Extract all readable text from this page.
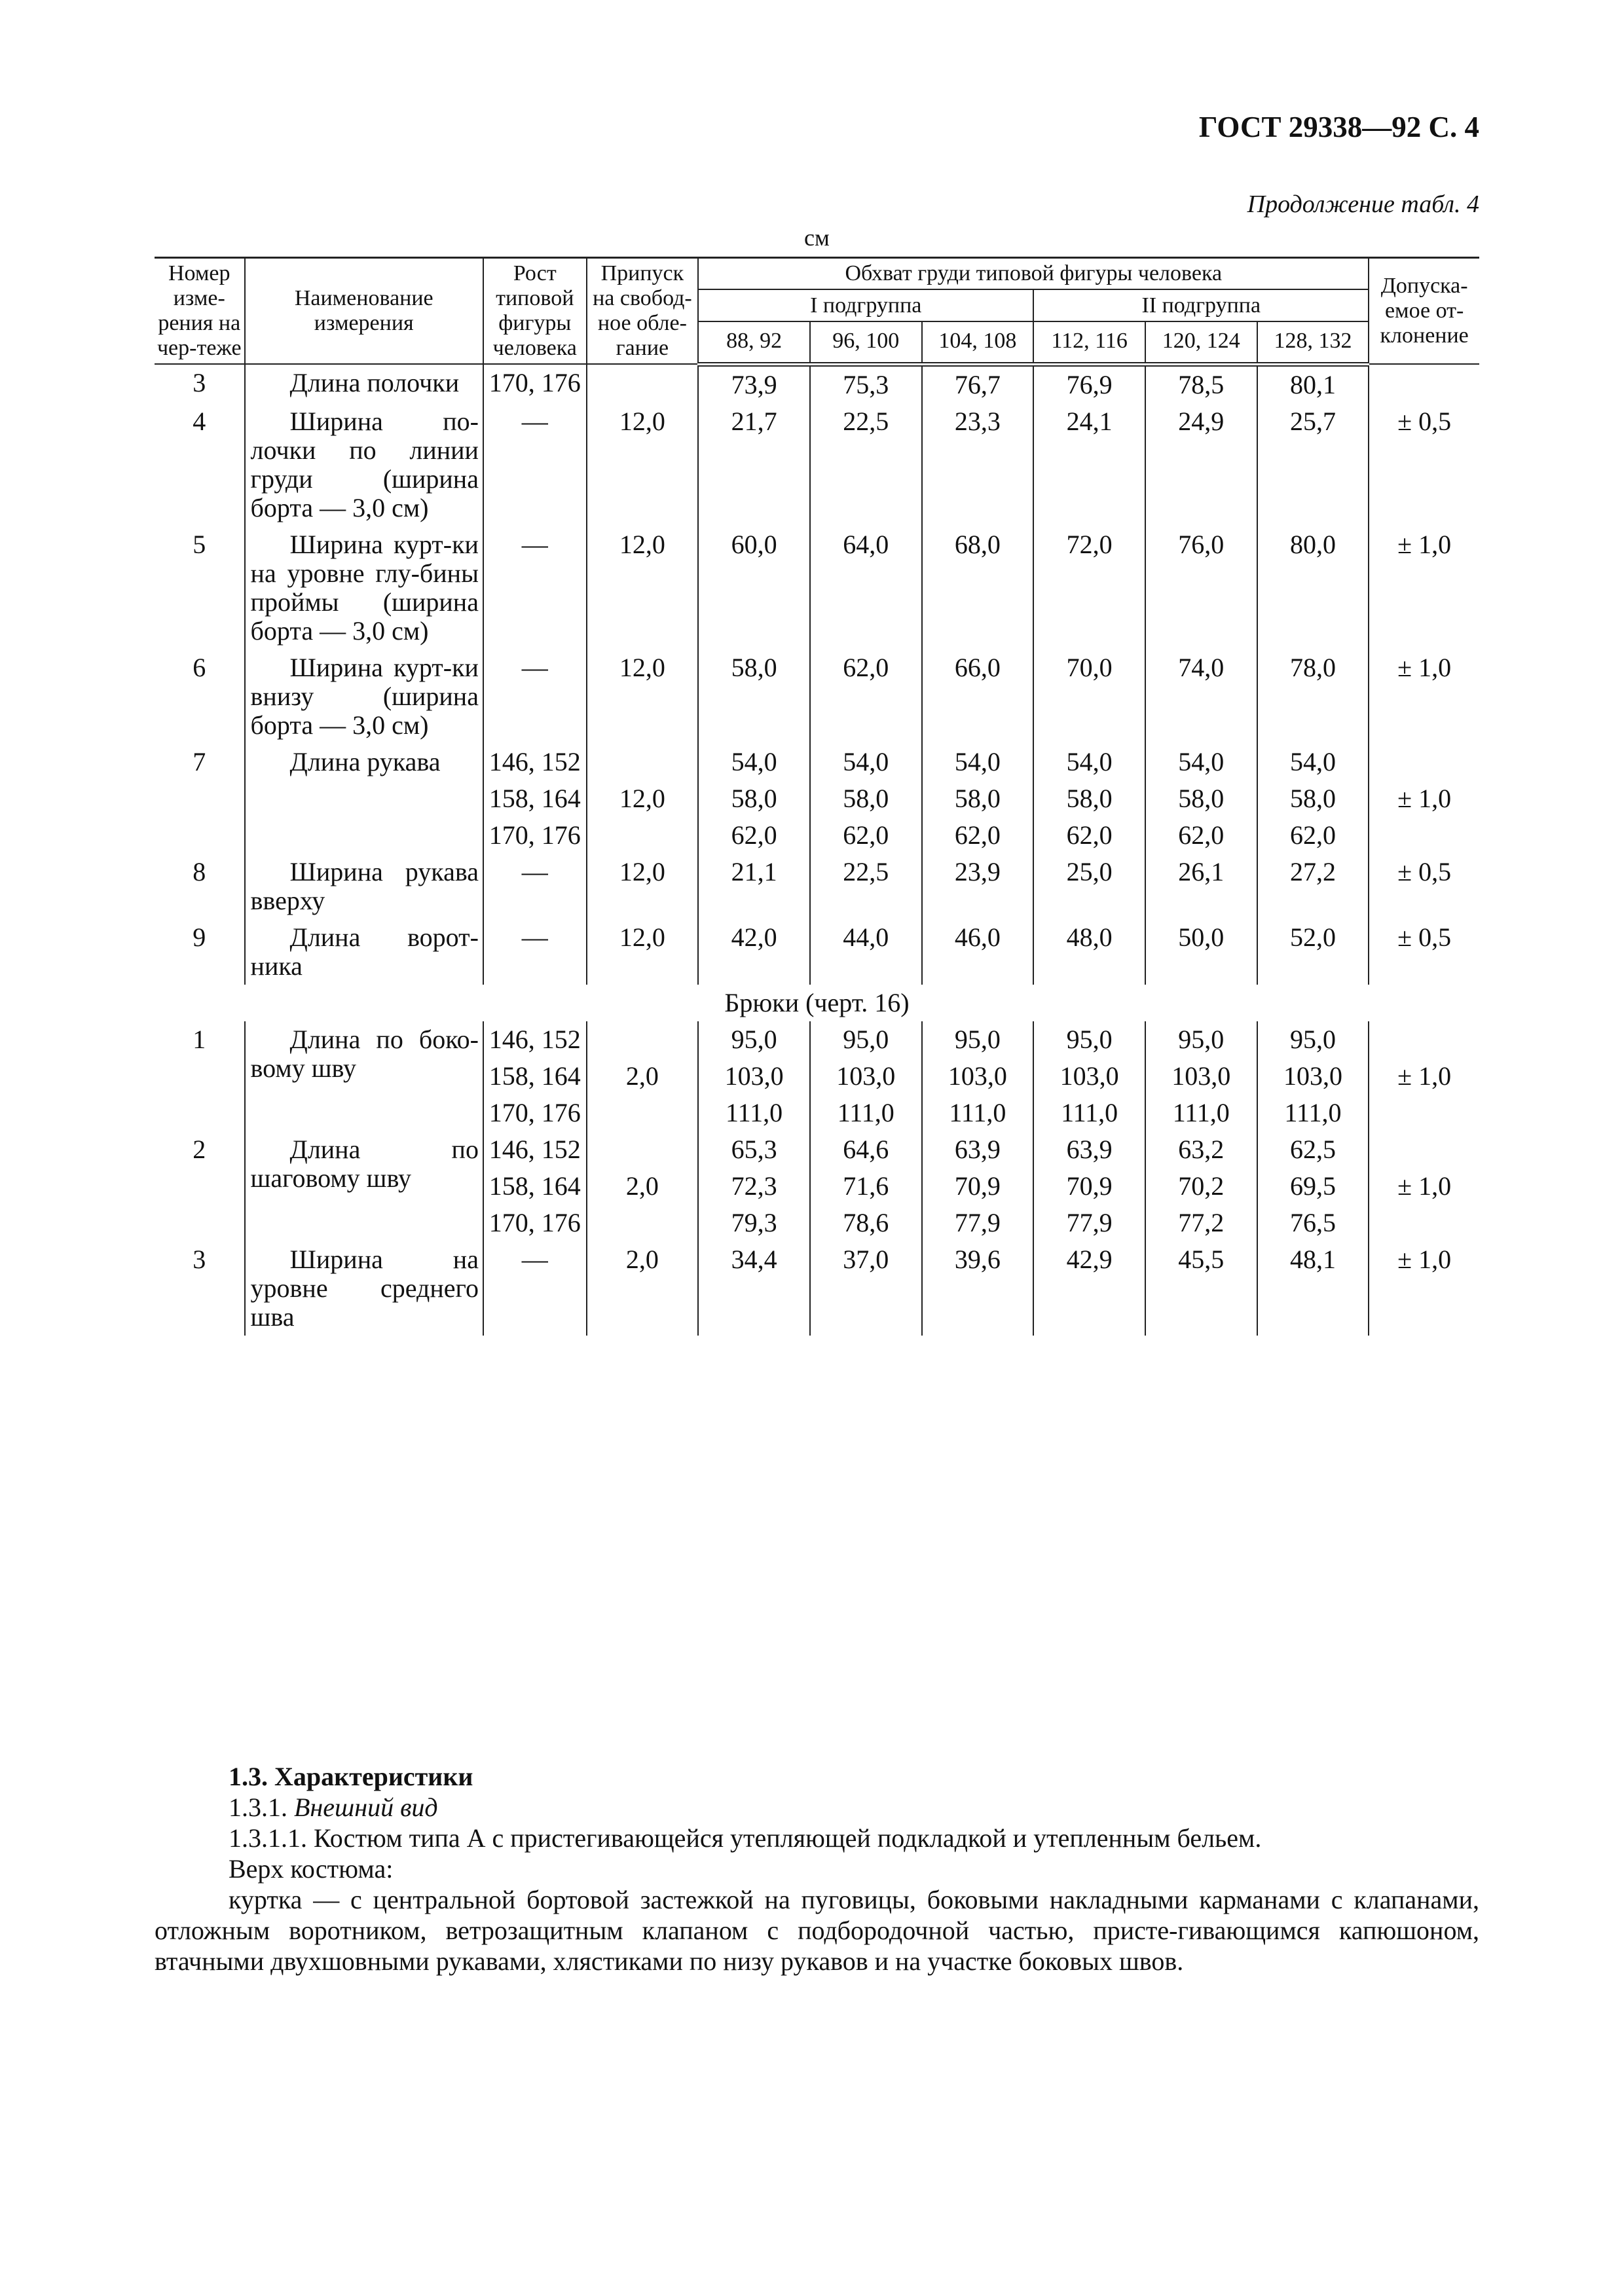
ГОСТ 29338—92 С. 4
Продолжение табл. 4
см
Номер изме-рения на чер-теже	Наименование измерения	Рост типовой фигуры человека	Припуск на свобод-ное обле-гание	Обхват груди типовой фигуры человека						Допуска-емое от-клонение
				I подгруппа			II подгруппа			
				88, 92	96, 100	104, 108	112, 116	120, 124	128, 132	
3	Длина полочки	170, 176		73,9	75,3	76,7	76,9	78,5	80,1	
4	Ширина по-лочки по линии груди (ширина борта — 3,0 см)	—	12,0	21,7	22,5	23,3	24,1	24,9	25,7	± 0,5
5	Ширина курт-ки на уровне глу-бины проймы (ширина борта — 3,0 см)	—	12,0	60,0	64,0	68,0	72,0	76,0	80,0	± 1,0
6	Ширина курт-ки внизу (ширина борта — 3,0 см)	—	12,0	58,0	62,0	66,0	70,0	74,0	78,0	± 1,0
7	Длина рукава	146, 152	12,0	54,0	54,0	54,0	54,0	54,0	54,0	± 1,0
		158, 164		58,0	58,0	58,0	58,0	58,0	58,0	
		170, 176		62,0	62,0	62,0	62,0	62,0	62,0	
8	Ширина рукава вверху	—	12,0	21,1	22,5	23,9	25,0	26,1	27,2	± 0,5
9	Длина ворот-ника	—	12,0	42,0	44,0	46,0	48,0	50,0	52,0	± 0,5
Брюки (черт. 16)										
1	Длина по боко-вому шву	146, 152	2,0	95,0	95,0	95,0	95,0	95,0	95,0	± 1,0
		158, 164		103,0	103,0	103,0	103,0	103,0	103,0	
		170, 176		111,0	111,0	111,0	111,0	111,0	111,0	
2	Длина по шаговому шву	146, 152	2,0	65,3	64,6	63,9	63,9	63,2	62,5	± 1,0
		158, 164		72,3	71,6	70,9	70,9	70,2	69,5	
		170, 176		79,3	78,6	77,9	77,9	77,2	76,5	
3	Ширина на уровне среднего шва	—	2,0	34,4	37,0	39,6	42,9	45,5	48,1	± 1,0

1.3. Характеристики

1.3.1. Внешний вид

1.3.1.1. Костюм типа А с пристегивающейся утепляющей подкладкой и утепленным бельем.

Верх костюма:

куртка — с центральной бортовой застежкой на пуговицы, боковыми накладными карманами с клапанами, отложным воротником, ветрозащитным клапаном с подбородочной частью, присте-гивающимся капюшоном, втачными двухшовными рукавами, хлястиками по низу рукавов и на участке боковых швов.
